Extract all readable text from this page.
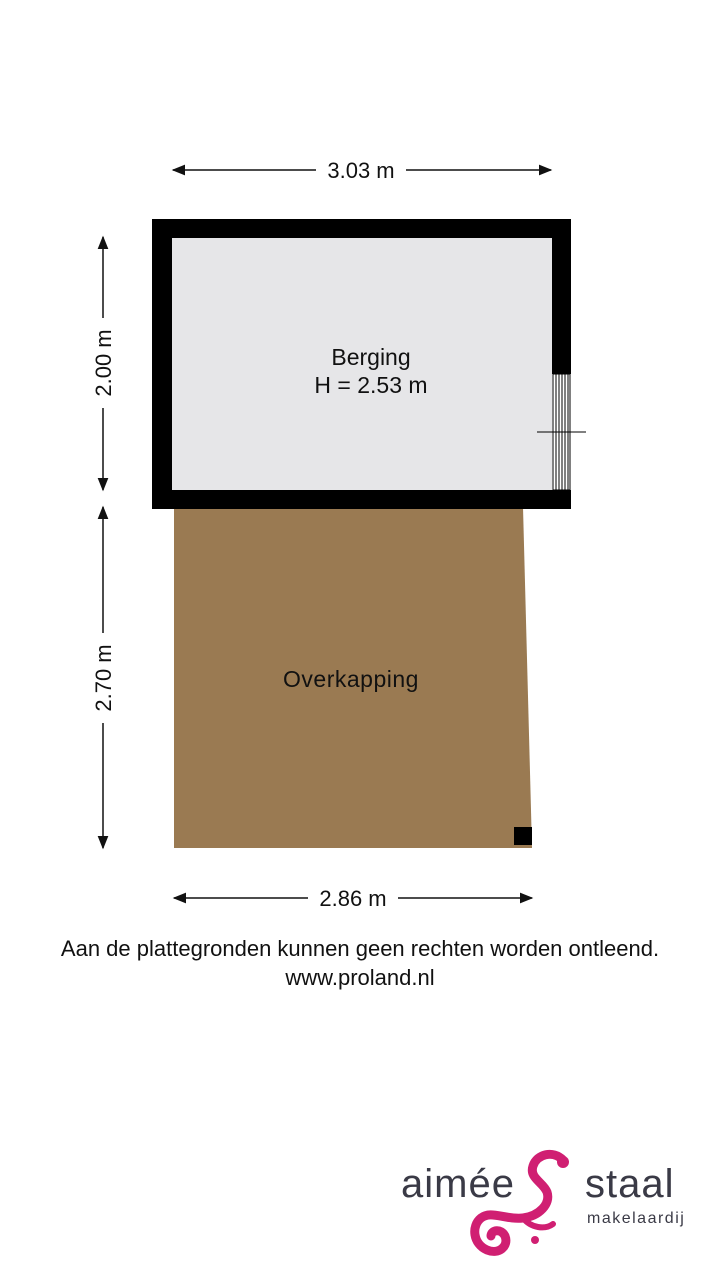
3.03 m
2.86 m
2.00 m
2.70 m
Berging
H = 2.53 m
Overkapping
Aan de plattegronden kunnen geen rechten worden ontleend.
www.proland.nl
aimée staal
makelaardij
